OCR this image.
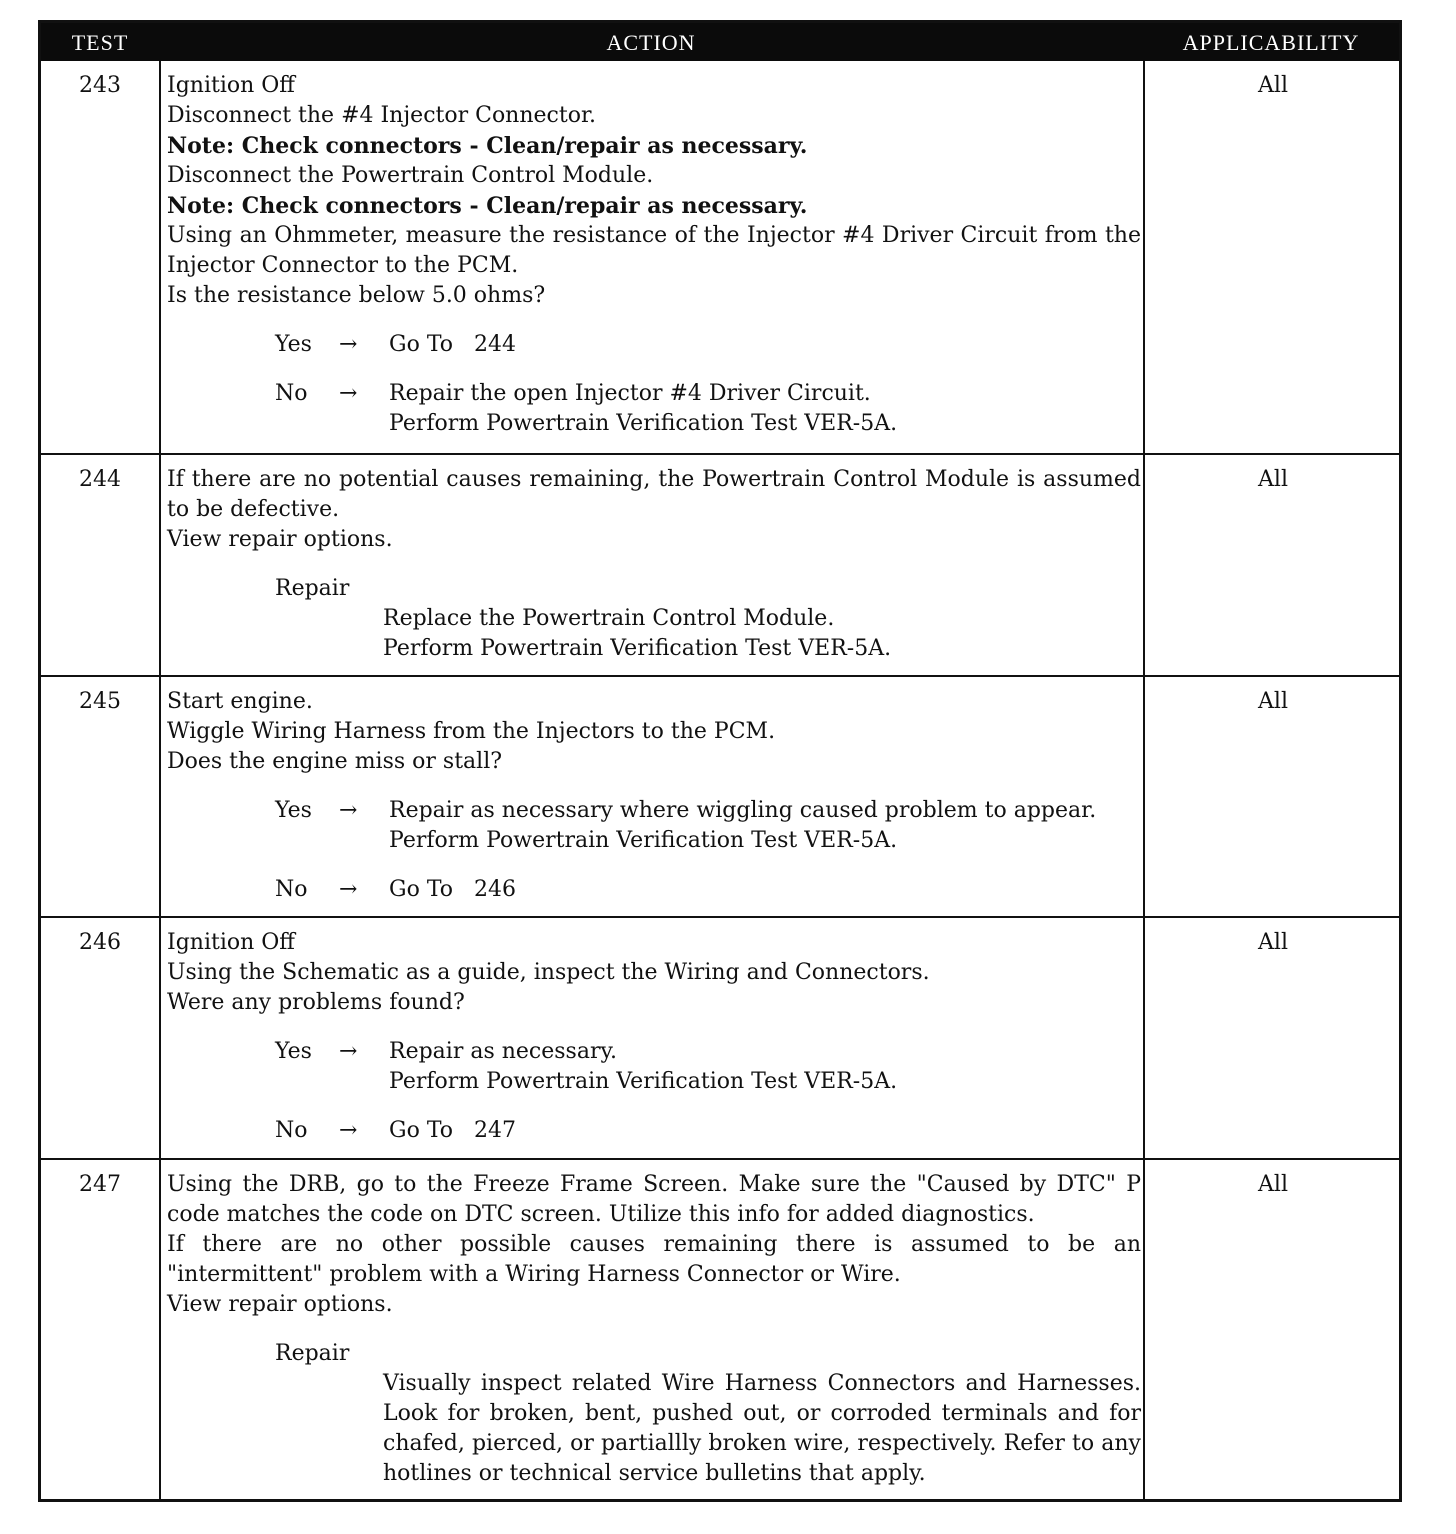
TEST	ACTION	APPLICABILITY
243	Ignition Off
Disconnect the #4 Injector Connector.
Note: Check connectors - Clean/repair as necessary.
Disconnect the Powertrain Control Module.
Note: Check connectors - Clean/repair as necessary.
Using an Ohmmeter, measure the resistance of the Injector #4 Driver Circuit from the Injector Connector to the PCM.
Is the resistance below 5.0 ohms?
Yes → Go To   244
No → Repair the open Injector #4 Driver Circuit.
Perform Powertrain Verification Test VER-5A.
All
244	If there are no potential causes remaining, the Powertrain Control Module is assumed to be defective.
View repair options.
Repair
Replace the Powertrain Control Module.
Perform Powertrain Verification Test VER-5A.
All
245	Start engine.
Wiggle Wiring Harness from the Injectors to the PCM.
Does the engine miss or stall?
Yes → Repair as necessary where wiggling caused problem to appear.
Perform Powertrain Verification Test VER-5A.
No → Go To   246
All
246	Ignition Off
Using the Schematic as a guide, inspect the Wiring and Connectors.
Were any problems found?
Yes → Repair as necessary.
Perform Powertrain Verification Test VER-5A.
No → Go To   247
All
247	Using the DRB, go to the Freeze Frame Screen. Make sure the "Caused by DTC" P code matches the code on DTC screen. Utilize this info for added diagnostics.
If there are no other possible causes remaining there is assumed to be an "intermittent" problem with a Wiring Harness Connector or Wire.
View repair options.
Repair
Visually inspect related Wire Harness Connectors and Harnesses. Look for broken, bent, pushed out, or corroded terminals and for chafed, pierced, or partiallly broken wire, respectively. Refer to any hotlines or technical service bulletins that apply.
All
